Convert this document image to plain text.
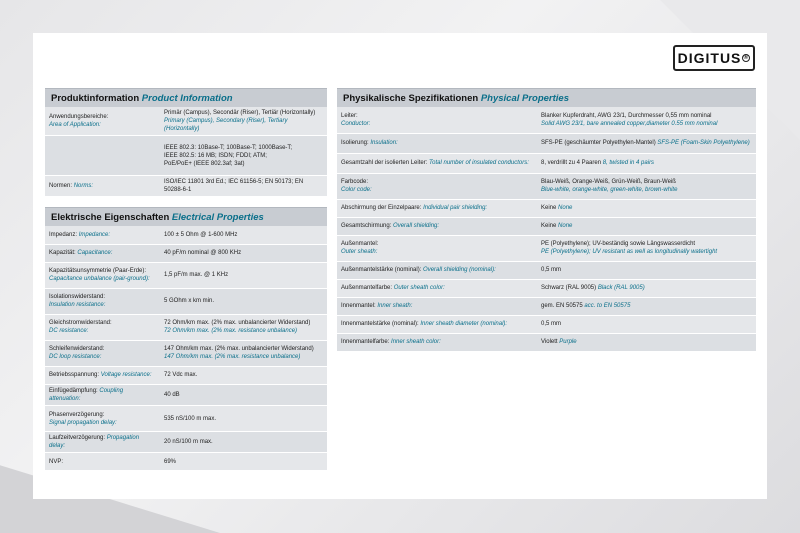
DIGITUS ®
Produktinformation Product Information
Anwendungsbereiche:
Area of Application:	Primär (Campus), Secondär (Riser), Tertiär (Horizontally)
Primary (Campus), Secondary (Riser), Tertiary (Horizontally)
	IEEE 802.3: 10Base-T; 100Base-T; 1000Base-T;
IEEE 802.5: 16 MB; ISDN; FDDI; ATM;
PoE/PoE+ (IEEE 802.3af; 3at)
Normen: Norms:	ISO/IEC 11801 3rd Ed.; IEC 61156-5; EN 50173; EN 50288-6-1
Elektrische Eigenschaften Electrical Properties
Impedanz: Impedance:	100 ± 5 Ohm @ 1-600 MHz
Kapazität: Capacitance:	40 pF/m nominal @ 800 KHz
Kapazitätsunsymmetrie (Paar-Erde):
Capacitance unbalance (pair-ground):	1,5 pF/m max. @ 1 KHz
Isolationswiderstand:
Insulation resistance:	5 GOhm x km min.
Gleichstromwiderstand:
DC resistance:	72 Ohm/km max. (2% max. unbalancierter Widerstand)
72 Ohm/km max. (2% max. resistance unbalance)
Schleifenwiderstand:
DC loop resistance:	147 Ohm/km max. (2% max. unbalancierter Widerstand)
147 Ohm/km max. (2% max. resistance unbalance)
Betriebsspannung: Voltage resistance:	72 Vdc max.
Einfügedämpfung: Coupling attenuation:	40 dB
Phasenverzögerung:
Signal propagation delay:	535 nS/100 m max.
Laufzeitverzögerung: Propagation delay:	20 nS/100 m max.
NVP:	69%
Physikalische Spezifikationen Physical Properties
Leiter:
Conductor:	Blanker Kupferdraht, AWG 23/1, Durchmesser 0,55 mm nominal
Solid AWG 23/1, bare annealed copper,diameter 0.55 mm nominal
Isolierung: Insulation:	SFS-PE (geschäumter Polyethylen-Mantel) SFS-PE (Foam-Skin Polyethylene)
Gesamtzahl der isolierten Leiter: Total number of insulated conductors:	8, verdrillt zu 4 Paaren 8, twisted in 4 pairs
Farbcode:
Color code:	Blau-Weiß, Orange-Weiß, Grün-Weiß, Braun-Weiß
Blue-white, orange-white, green-white, brown-white
Abschirmung der Einzelpaare: Individual pair shielding:	Keine None
Gesamtschirmung: Overall shielding:	Keine None
Außenmantel:
Outer sheath:	PE (Polyethylene); UV-beständig sowie Längswasserdicht
PE (Polyethylene); UV resistant as well as longitudinally watertight
Außenmantelstärke (nominal): Overall shielding (nominal):	0,5 mm
Außenmantelfarbe: Outer sheath color:	Schwarz (RAL 9005) Black (RAL 9005)
Innenmantel: Inner sheath:	gem. EN 50575 acc. to EN 50575
Innenmantelstärke (nominal): Inner sheath diameter (nominal):	0,5 mm
Innenmantelfarbe: Inner sheath color:	Violett Purple
